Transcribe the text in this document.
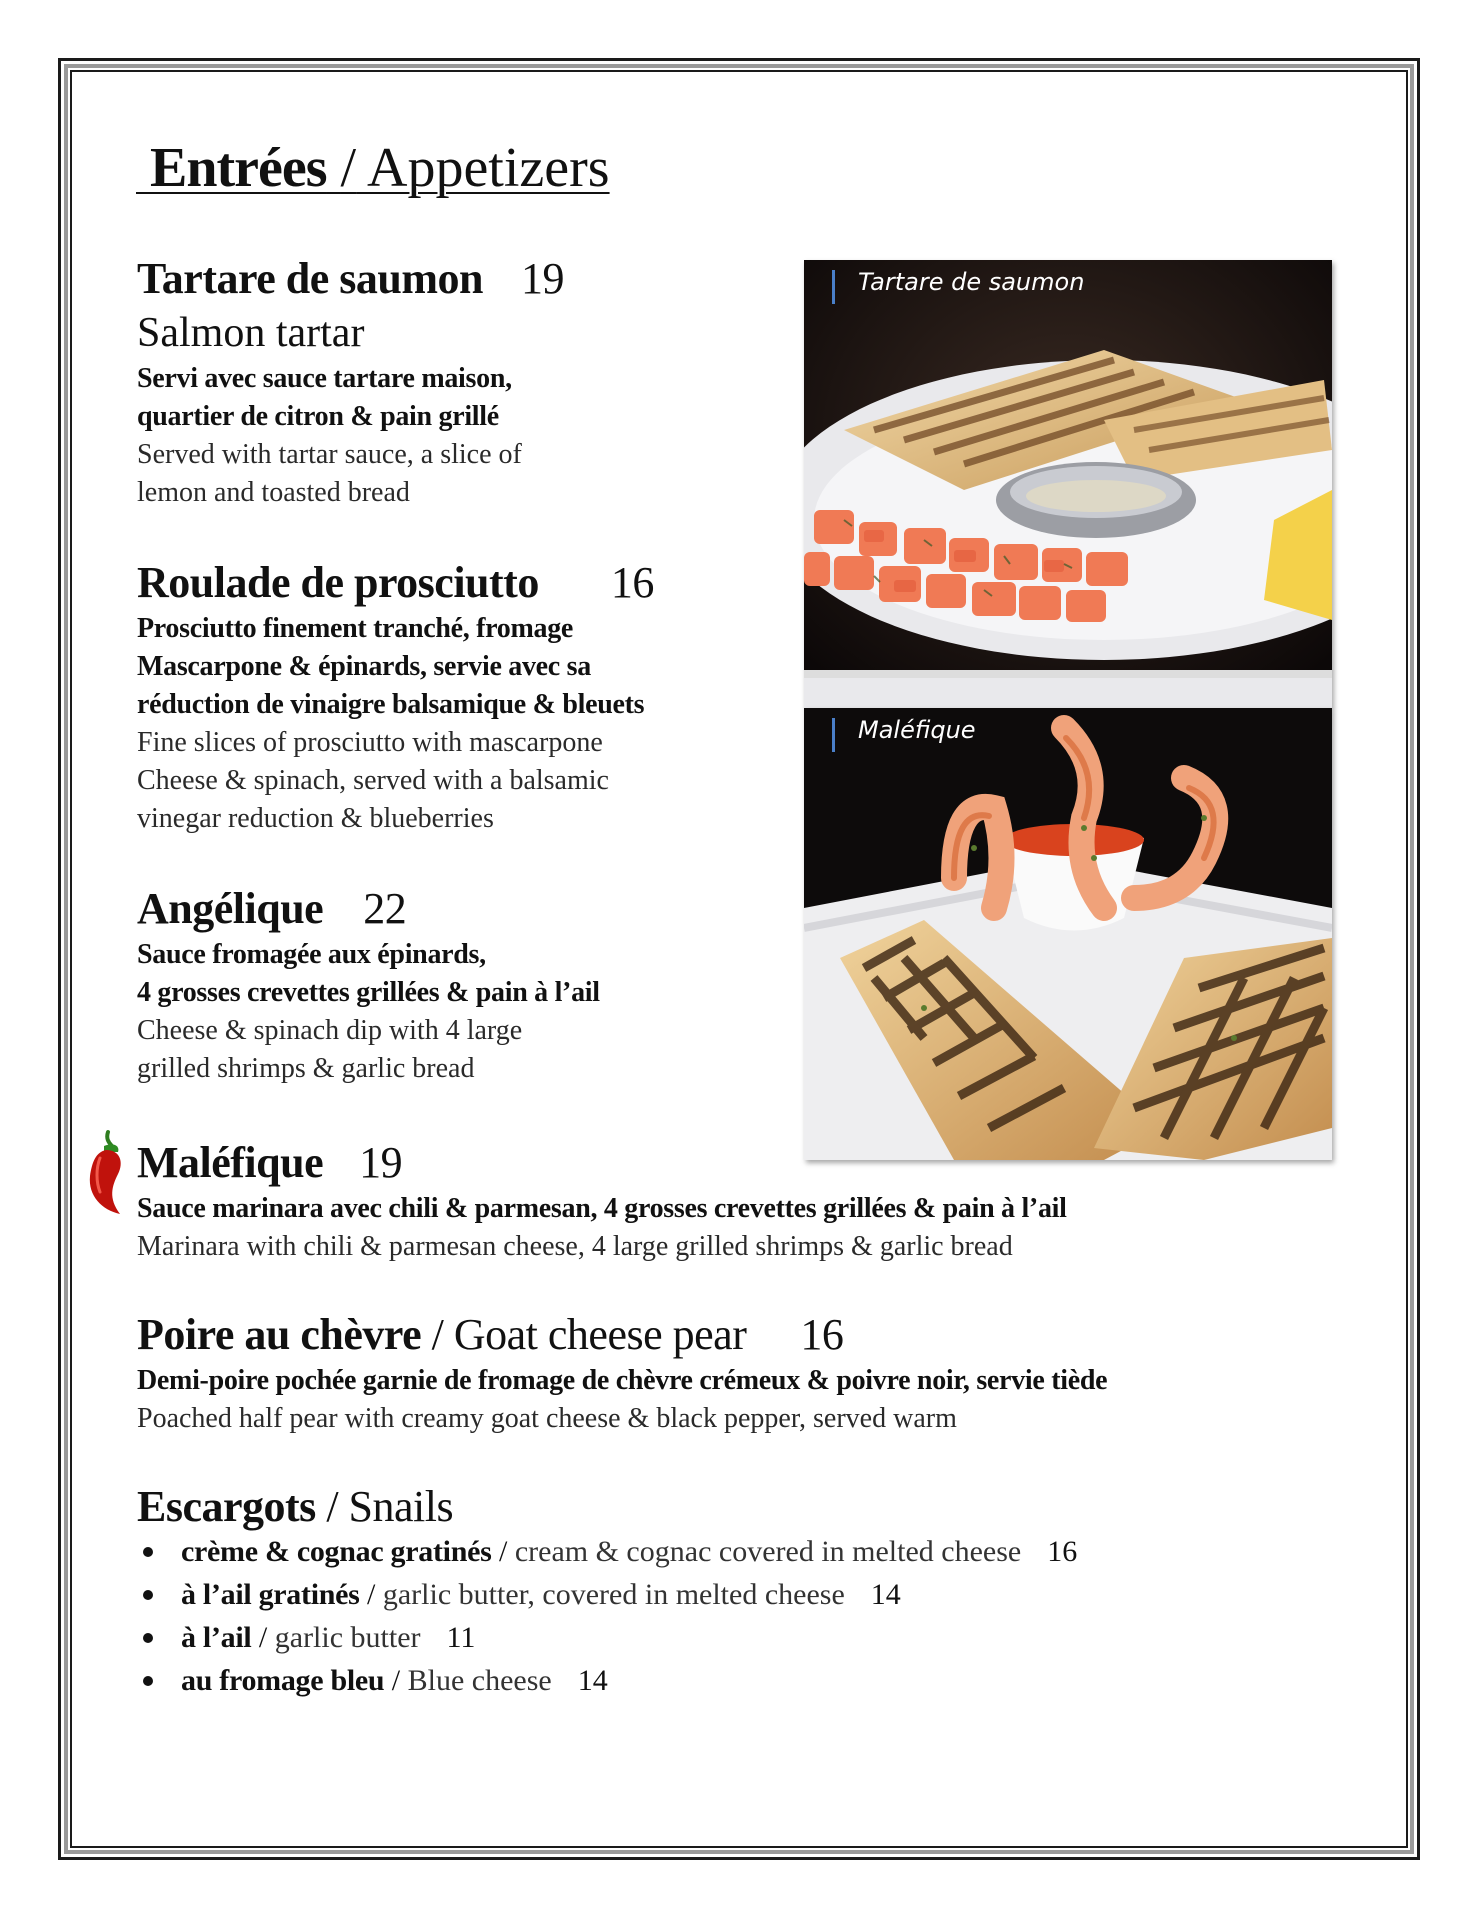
Entrées / Appetizers
Tartare de saumon 19
Salmon tartar
Servi avec sauce tartare maison,
quartier de citron & pain grillé
Served with tartar sauce, a slice of
lemon and toasted bread
Roulade de prosciutto 16
Prosciutto finement tranché, fromage
Mascarpone & épinards, servie avec sa
réduction de vinaigre balsamique & bleuets
Fine slices of prosciutto with mascarpone
Cheese & spinach, served with a balsamic
vinegar reduction & blueberries
Angélique 22
Sauce fromagée aux épinards,
4 grosses crevettes grillées & pain à l’ail
Cheese & spinach dip with 4 large
grilled shrimps & garlic bread
Maléfique 19
Sauce marinara avec chili & parmesan, 4 grosses crevettes grillées & pain à l’ail
Marinara with chili & parmesan cheese, 4 large grilled shrimps & garlic bread
Poire au chèvre / Goat cheese pear 16
Demi-poire pochée garnie de fromage de chèvre crémeux & poivre noir, servie tiède
Poached half pear with creamy goat cheese & black pepper, served warm
Escargots / Snails
crème & cognac gratinés / cream & cognac covered in melted cheese 16
à l’ail gratinés / garlic butter, covered in melted cheese 14
à l’ail / garlic butter 11
au fromage bleu / Blue cheese 14
Tartare de saumon
Maléfique
